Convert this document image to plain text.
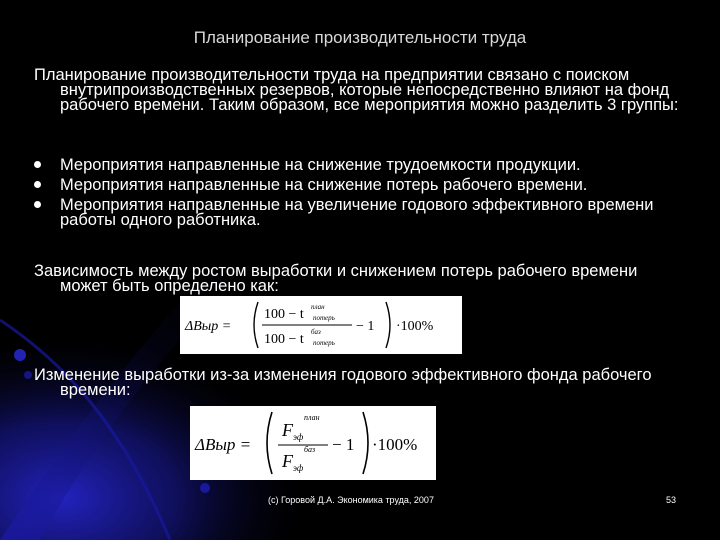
Планирование производительности труда
Планирование производительности труда на предприятии связано с поиском внутрипроизводственных резервов, которые непосредственно влияют на фонд рабочего времени. Таким образом, все мероприятия можно разделить 3 группы:
Мероприятия направленные на снижение трудоемкости продукции.
Мероприятия направленные на снижение потерь рабочего времени.
Мероприятия направленные на увеличение годового эффективного времени работы одного работника.
Зависимость между ростом выработки и снижением потерь рабочего времени может быть определено как:
ΔВыр =
100 − t план
потерь
100 − t баз
потерь
− 1 ·100%
Изменение выработки из-за изменения годового эффективного фонда рабочего времени:
ΔВыр =
F
план
эф
F
баз
эф
− 1 ·100%
(с) Горовой Д.А. Экономика труда, 2007	53
